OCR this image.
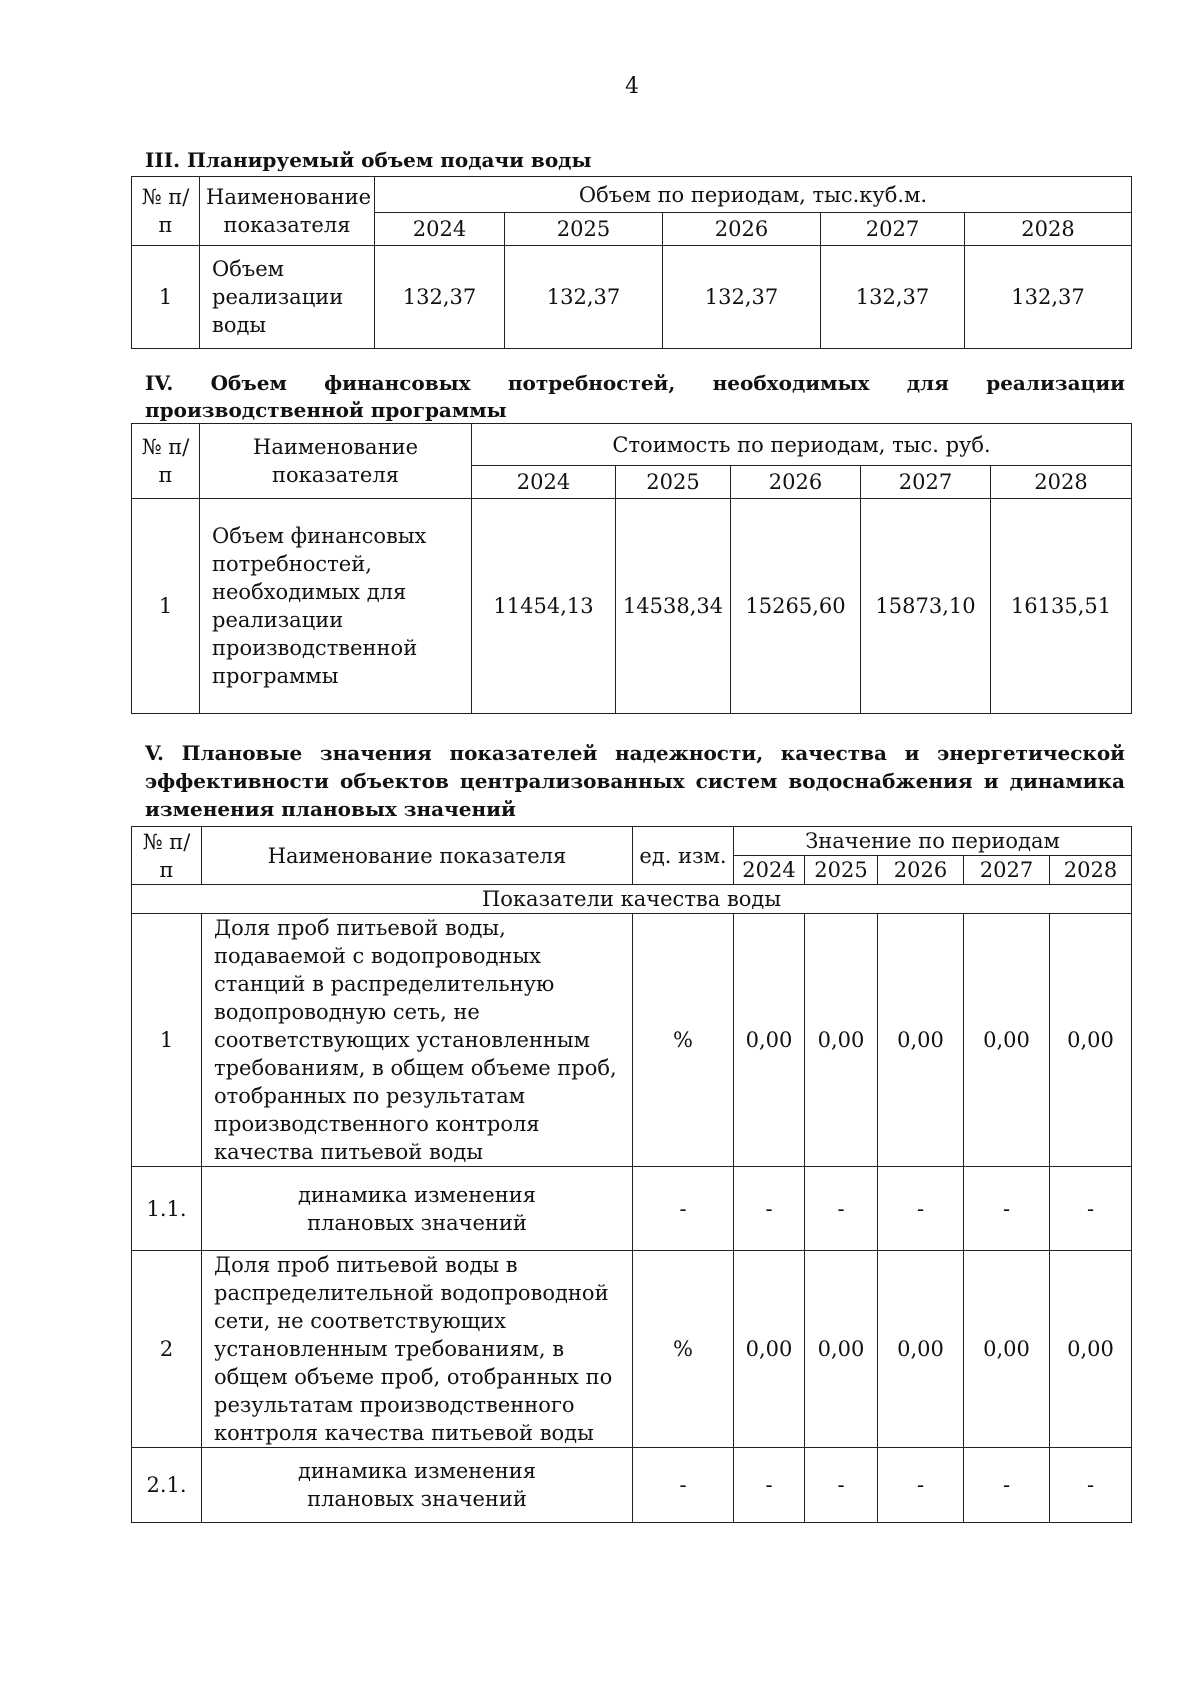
4
III. Планируемый объем подачи воды
№ п/п	Наименование показателя	Объем по периодам, тыс.куб.м.				
		2024	2025	2026	2027	2028
1	Объем реализации воды	132,37	132,37	132,37	132,37	132,37
IV. Объем финансовых потребностей, необходимых для реализации производственной программы
№ п/п	Наименование показателя	Стоимость по периодам, тыс. руб.				
		2024	2025	2026	2027	2028
1	Объем финансовых потребностей, необходимых для реализации производственной программы	11454,13	14538,34	15265,60	15873,10	16135,51
V. Плановые значения показателей надежности, качества и энергетической эффективности объектов централизованных систем водоснабжения и динамика изменения плановых значений
№ п/п	Наименование показателя	ед. изм.	Значение по периодам				
			2024	2025	2026	2027	2028
Показатели качества воды							
1	Доля проб питьевой воды, подаваемой с водопроводных станций в распределительную водопроводную сеть, не соответствующих установленным требованиям, в общем объеме проб, отобранных по результатам производственного контроля качества питьевой воды	%	0,00	0,00	0,00	0,00	0,00
1.1.	динамика изменения плановых значений	-	-	-	-	-	-
2	Доля проб питьевой воды в распределительной водопроводной сети, не соответствующих установленным требованиям, в общем объеме проб, отобранных по результатам производственного контроля качества питьевой воды	%	0,00	0,00	0,00	0,00	0,00
2.1.	динамика изменения плановых значений	-	-	-	-	-	-
